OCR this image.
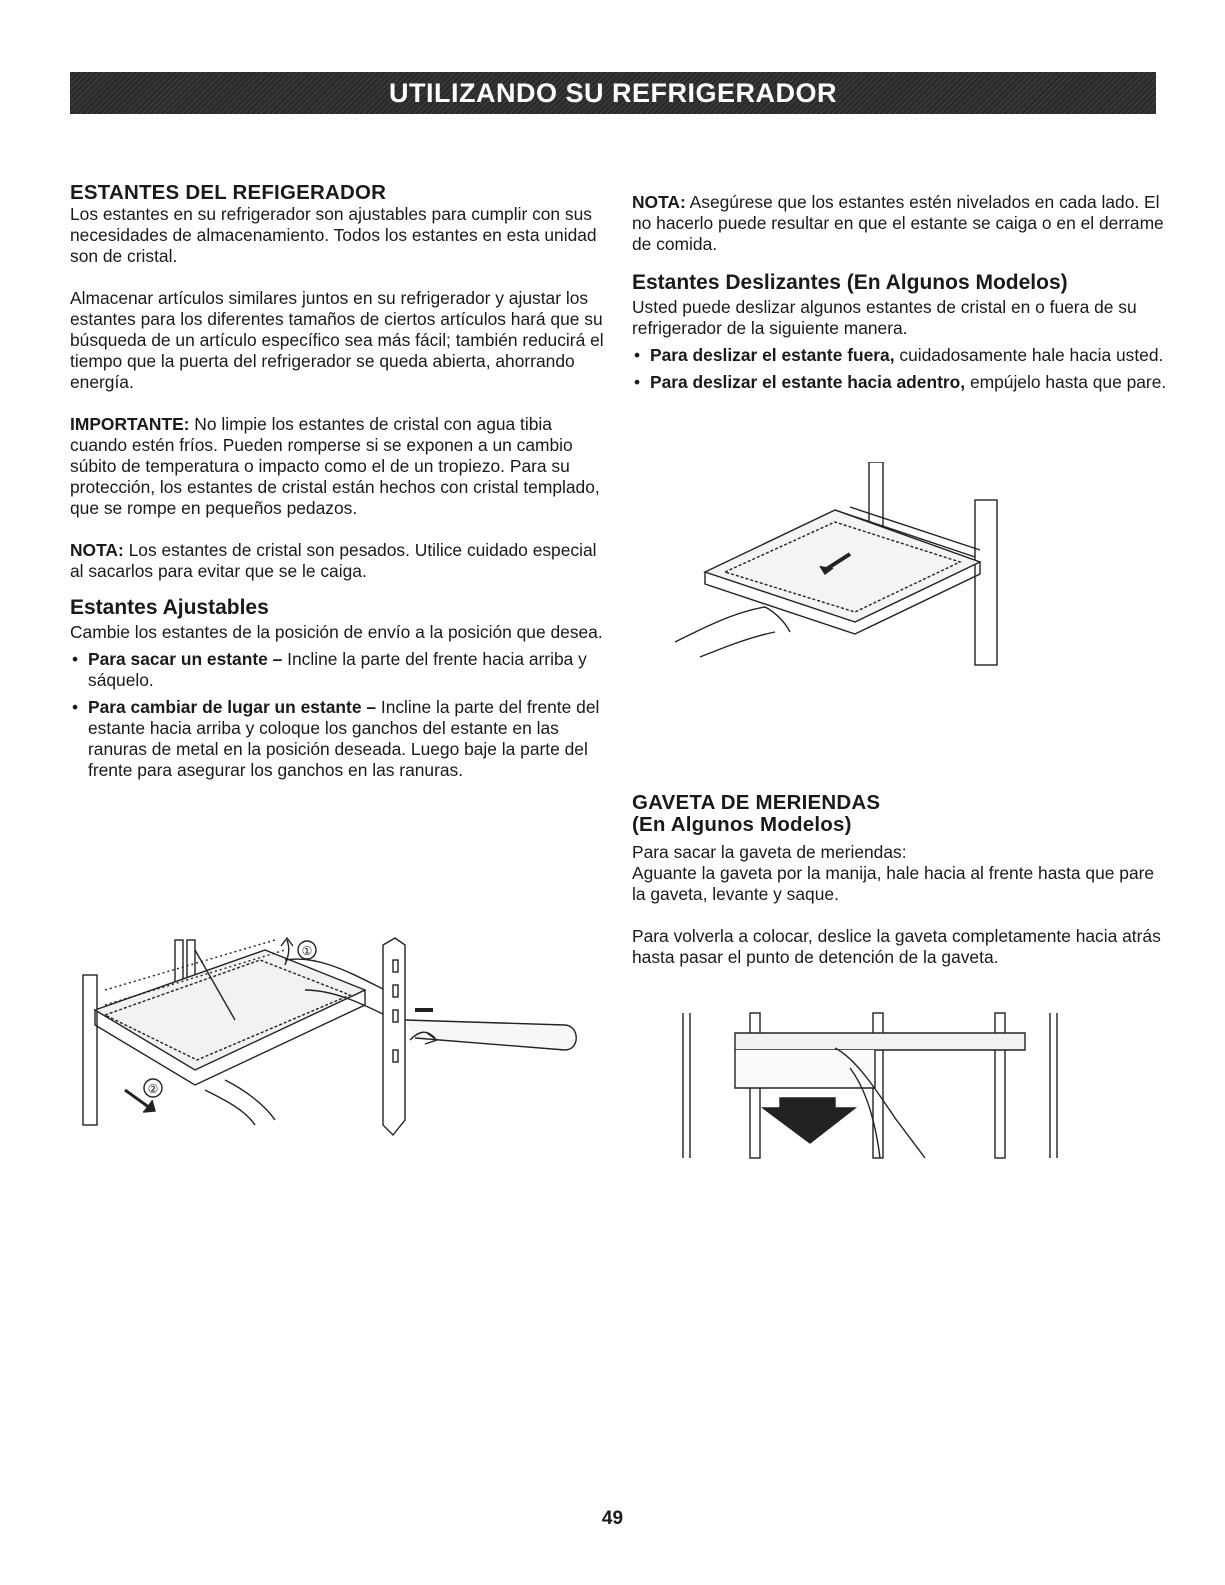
UTILIZANDO SU REFRIGERADOR
ESTANTES DEL REFIGERADOR

Los estantes en su refrigerador son ajustables para cumplir con sus necesidades de almacenamiento. Todos los estantes en esta unidad son de cristal.

Almacenar artículos similares juntos en su refrigerador y ajustar los estantes para los diferentes tamaños de ciertos artículos hará que su búsqueda de un artículo específico sea más fácil; también reducirá el tiempo que la puerta del refrigerador se queda abierta, ahorrando energía.

IMPORTANTE: No limpie los estantes de cristal con agua tibia cuando estén fríos. Pueden romperse si se exponen a un cambio súbito de temperatura o impacto como el de un tropiezo. Para su protección, los estantes de cristal están hechos con cristal templado, que se rompe en pequeños pedazos.

NOTA: Los estantes de cristal son pesados. Utilice cuidado especial al sacarlos para evitar que se le caiga.

Estantes Ajustables

Cambie los estantes de la posición de envío a la posición que desea.

• Para sacar un estante – Incline la parte del frente hacia arriba y sáquelo.
• Para cambiar de lugar un estante – Incline la parte del frente del estante hacia arriba y coloque los ganchos del estante en las ranuras de metal en la posición deseada. Luego baje la parte del frente para asegurar los ganchos en las ranuras.
①
②

NOTA: Asegúrese que los estantes estén nivelados en cada lado. El no hacerlo puede resultar en que el estante se caiga o en el derrame de comida.

Estantes Deslizantes (En Algunos Modelos)

Usted puede deslizar algunos estantes de cristal en o fuera de su refrigerador de la siguiente manera.

• Para deslizar el estante fuera, cuidadosamente hale hacia usted.
• Para deslizar el estante hacia adentro, empújelo hasta que pare.
GAVETA DE MERIENDAS
(En Algunos Modelos)

Para sacar la gaveta de meriendas:

Aguante la gaveta por la manija, hale hacia al frente hasta que pare la gaveta, levante y saque.

Para volverla a colocar, deslice la gaveta completamente hacia atrás hasta pasar el punto de detención de la gaveta.

49
